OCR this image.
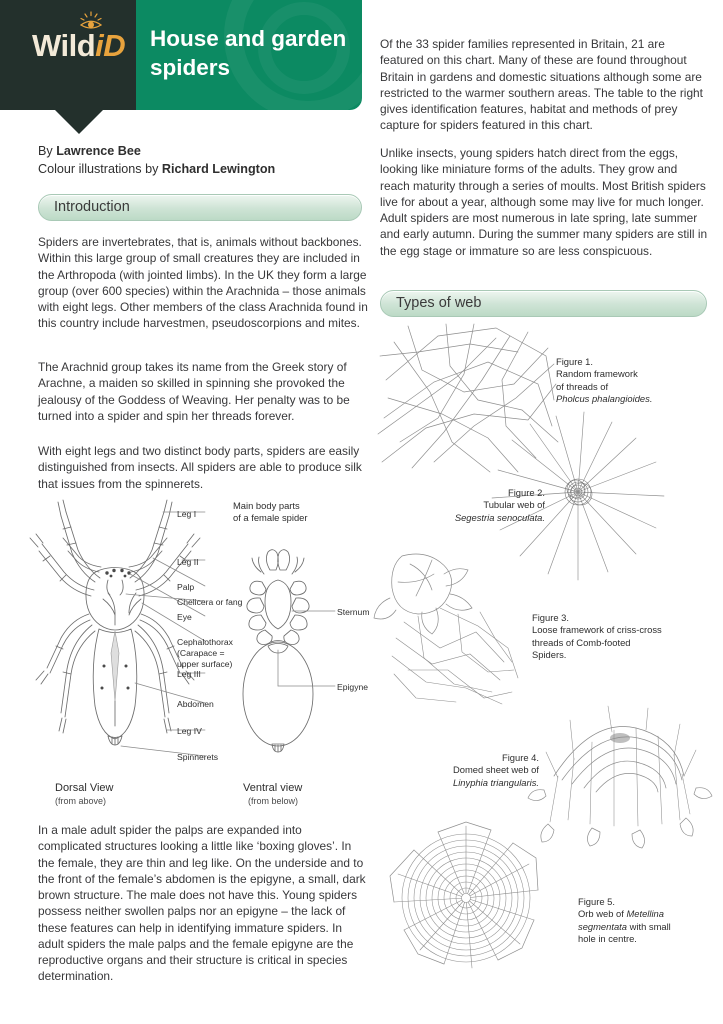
WildiD House and garden spiders
By Lawrence Bee
Colour illustrations by Richard Lewington
Introduction
Spiders are invertebrates, that is, animals without backbones. Within this large group of small creatures they are included in the Arthropoda (with jointed limbs). In the UK they form a large group (over 600 species) within the Arachnida – those animals with eight legs. Other members of the class Arachnida found in this country include harvestmen, pseudoscorpions and mites.
The Arachnid group takes its name from the Greek story of Arachne, a maiden so skilled in spinning she provoked the jealousy of the Goddess of Weaving. Her penalty was to be turned into a spider and spin her threads forever.
With eight legs and two distinct body parts, spiders are easily distinguished from insects. All spiders are able to produce silk that issues from the spinnerets.
Leg I
Leg II
Palp
Chelicera or fang
Eye
Cephalothorax
(Carapace =
upper surface)
Leg III
Abdomen
Leg IV
Spinnerets
Sternum
Epigyne
Main body parts
of a female spider
Dorsal View
(from above)
Ventral view
(from below)
In a male adult spider the palps are expanded into complicated structures looking a little like ‘boxing gloves’. In the female, they are thin and leg like. On the underside and to the front of the female’s abdomen is the epigyne, a small, dark brown structure. The male does not have this. Young spiders possess neither swollen palps nor an epigyne – the lack of these features can help in identifying immature spiders. In adult spiders the male palps and the female epigyne are the reproductive organs and their structure is critical in species determination.
Of the 33 spider families represented in Britain, 21 are featured on this chart. Many of these are found throughout Britain in gardens and domestic situations although some are restricted to the warmer southern areas. The table to the right gives identification features, habitat and methods of prey capture for spiders featured in this chart.
Unlike insects, young spiders hatch direct from the eggs, looking like miniature forms of the adults. They grow and reach maturity through a series of moults. Most British spiders live for about a year, although some may live for much longer. Adult spiders are most numerous in late spring, late summer and early autumn. During the summer many spiders are still in the egg stage or immature so are less conspicuous.
Types of web
Figure 1.
Random framework
of threads of
Pholcus phalangioides.
Figure 2.
Tubular web of
Segestria senoculata.
Figure 3.
Loose framework of criss-cross
threads of Comb-footed
Spiders.
Figure 4.
Domed sheet web of
Linyphia triangularis.
Figure 5.
Orb web of Metellina segmentata with small
hole in centre.
